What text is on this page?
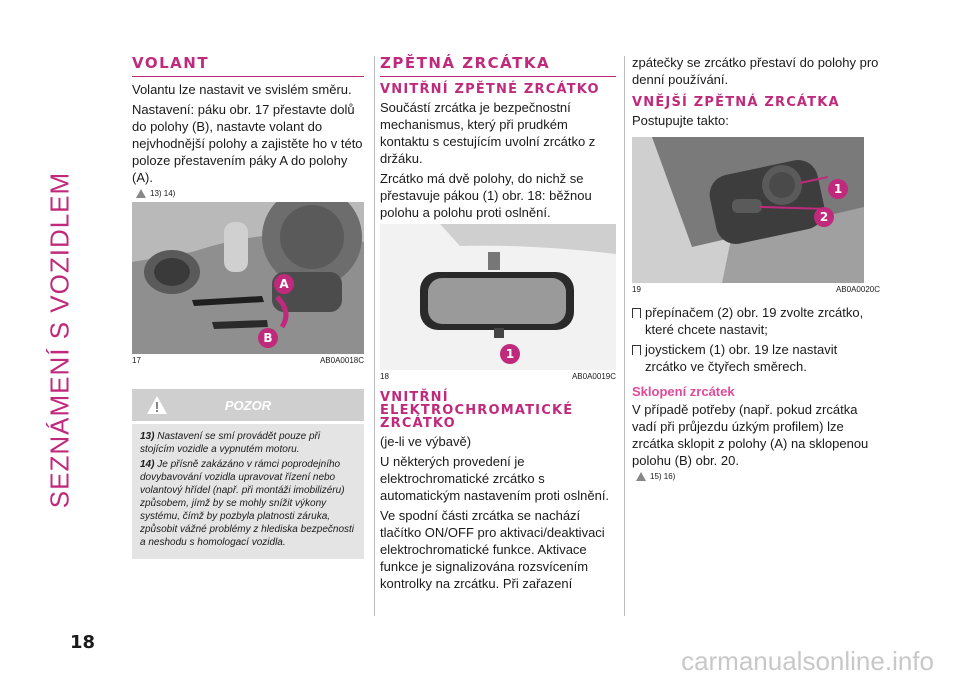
SEZNÁMENÍ S VOZIDLEM
VOLANT

Volantu lze nastavit ve svislém směru.

Nastavení: páku obr. 17 přestavte dolů do polohy (B), nastavte volant do nejvhodnější polohy a zajistěte ho v této poloze přestavením páky A do polohy (A).

13) 14)
A
B
17	AB0A0018C
POZOR

13) Nastavení se smí provádět pouze při stojícím vozidle a vypnutém motoru.

14) Je přísně zakázáno v rámci poprodejního dovybavování vozidla upravovat řízení nebo volantový hřídel (např. při montáži imobilizéru) způsobem, jímž by se mohly snížit výkony systému, čímž by pozbyla platnosti záruka, způsobit vážné problémy z hlediska bezpečnosti a neshodu s homologací vozidla.

ZPĚTNÁ ZRCÁTKA
VNITŘNÍ ZPĚTNÉ ZRCÁTKO

Součástí zrcátka je bezpečnostní mechanismus, který při prudkém kontaktu s cestujícím uvolní zrcátko z držáku.

Zrcátko má dvě polohy, do nichž se přestavuje pákou (1) obr. 18: běžnou polohu a polohu proti oslnění.

1
18	AB0A0019C
VNITŘNÍ ELEKTROCHROMATICKÉ ZRCÁTKO

(je-li ve výbavě)

U některých provedení je elektrochromatické zrcátko s automatickým nastavením proti oslnění.

Ve spodní části zrcátka se nachází tlačítko ON/OFF pro aktivaci/deaktivaci elektrochromatické funkce. Aktivace funkce je signalizována rozsvícením kontrolky na zrcátku. Při zařazení

zpátečky se zrcátko přestaví do polohy pro denní používání.

VNĚJŠÍ ZPĚTNÁ ZRCÁTKA

Postupujte takto:

1
2
19	AB0A0020C

přepínačem (2) obr. 19 zvolte zrcátko, které chcete nastavit;

joystickem (1) obr. 19 lze nastavit zrcátko ve čtyřech směrech.

Sklopení zrcátek

V případě potřeby (např. pokud zrcátka vadí při průjezdu úzkým profilem) lze zrcátka sklopit z polohy (A) na sklopenou polohu (B) obr. 20.

15) 16)
18
carmanualsonline.info
